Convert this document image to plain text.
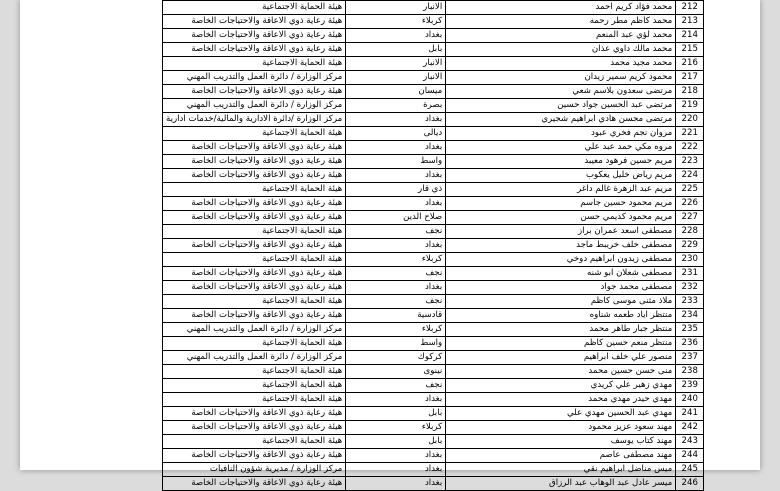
212	محمد فؤاد كريم احمد	الانبار	هيئة الحماية الاجتماعية
213	محمد كاظم مطر رحمه	كربلاء	هيئة رعاية ذوي الاعاقة والاحتياجات الخاصة
214	محمد لؤي عبد المنعم	بغداد	هيئة رعاية ذوي الاعاقة والاحتياجات الخاصة
215	محمد مالك داوي عذان	بابل	هيئة رعاية ذوي الاعاقة والاحتياجات الخاصة
216	محمد مجيد محمد	الانبار	هيئة الحماية الاجتماعية
217	محمود كريم سمير زيدان	الانبار	مركز الوزارة / دائرة العمل والتدريب المهني
218	مرتضى سعدون بلاسم شعي	ميسان	هيئة رعاية ذوي الاعاقة والاحتياجات الخاصة
219	مرتضى عبد الحسين جواد حسين	بصرة	مركز الوزارة / دائرة العمل والتدريب المهني
220	مرتضى محسن هادي ابراهيم شجيري	بغداد	مركز الوزارة /دائرة الادارية والمالية/خدمات ادارية
221	مروان نجم فخري عبود	ديالى	هيئة الحماية الاجتماعية
222	مروه مكي حمد عبد علي	بغداد	هيئة رعاية ذوي الاعاقة والاحتياجات الخاصة
223	مريم حسين فرهود معيبد	واسط	هيئة رعاية ذوي الاعاقة والاحتياجات الخاصة
224	مريم رياض خليل يعكوب	بغداد	هيئة رعاية ذوي الاعاقة والاحتياجات الخاصة
225	مريم عبد الزهرة غالم داغر	ذي قار	هيئة الحماية الاجتماعية
226	مريم محمود حسين جاسم	بغداد	هيئة رعاية ذوي الاعاقة والاحتياجات الخاصة
227	مريم محمود كديمي حسن	صلاح الدين	هيئة رعاية ذوي الاعاقة والاحتياجات الخاصة
228	مصطفى اسعد عمران براز	نجف	هيئة الحماية الاجتماعية
229	مصطفى خلف خريبط ماجد	بغداد	هيئة رعاية ذوي الاعاقة والاحتياجات الخاصة
230	مصطفى زيدون ابراهيم دوخي	كربلاء	هيئة الحماية الاجتماعية
231	مصطفى شعلان ابو شنه	نجف	هيئة رعاية ذوي الاعاقة والاحتياجات الخاصة
232	مصطفى محمد جواد	بغداد	هيئة رعاية ذوي الاعاقة والاحتياجات الخاصة
233	ملاذ مثنى موسى كاظم	نجف	هيئة الحماية الاجتماعية
234	منتظر اياد طعمه شناوه	قادسية	هيئة رعاية ذوي الاعاقة والاحتياجات الخاصة
235	منتظر جبار طاهر محمد	كربلاء	مركز الوزارة / دائرة العمل والتدريب المهني
236	منتظر منعم حسين كاظم	واسط	هيئة الحماية الاجتماعية
237	منصور علي خلف ابراهيم	كركوك	مركز الوزارة / دائرة العمل والتدريب المهني
238	منى حسن حسين محمد	نينوى	هيئة الحماية الاجتماعية
239	مهدي زهير علي كريدي	نجف	هيئة الحماية الاجتماعية
240	مهدي حيدر مهدي محمد	بغداد	هيئة الحماية الاجتماعية
241	مهدي عبد الحسين مهدي علي	بابل	هيئة رعاية ذوي الاعاقة والاحتياجات الخاصة
242	مهند سعود عزيز محمود	كربلاء	هيئة رعاية ذوي الاعاقة والاحتياجات الخاصة
243	مهند كتاب يوسف	بابل	هيئة الحماية الاجتماعية
244	مهند مصطفى عاصم	بغداد	هيئة رعاية ذوي الاعاقة والاحتياجات الخاصة
245	ميس مناضل ابراهيم نقي	بغداد	مركز الوزارة / مديرية شؤون النافيات
246	ميسر عادل عبد الوهاب عبد الرزاق	بغداد	هيئة رعاية ذوي الاعاقة والاحتياجات الخاصة
